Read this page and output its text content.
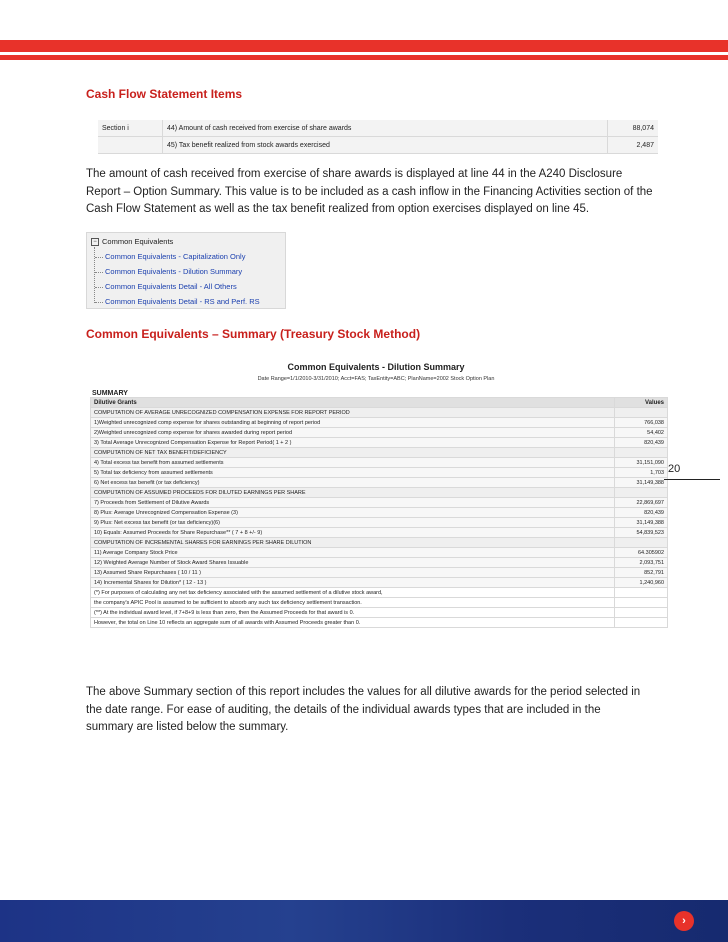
Cash Flow Statement Items
Section i	44) Amount of cash received from exercise of share awards	88,074
	45) Tax benefit realized from stock awards exercised	2,487
The amount of cash received from exercise of share awards is displayed at line 44 in the A240 Disclosure Report – Option Summary. This value is to be included as a cash inflow in the Financing Activities section of the Cash Flow Statement as well as the tax benefit realized from option exercises displayed on line 45.
− Common Equivalents
Common Equivalents - Capitalization Only
Common Equivalents - Dilution Summary
Common Equivalents Detail - All Others
Common Equivalents Detail - RS and Perf. RS
Common Equivalents – Summary (Treasury Stock Method)
Common Equivalents - Dilution Summary
Date Range=1/1/2010-3/31/2010; Acct=FAS; TaxEntity=ABC; PlanName=2002 Stock Option Plan
SUMMARY
Dilutive Grants	Values
COMPUTATION OF AVERAGE UNRECOGNIZED COMPENSATION EXPENSE FOR REPORT PERIOD	
1)Weighted unrecognized comp expense for shares outstanding at beginning of report period	766,038
2)Weighted unrecognized comp expense for shares awarded during report period	54,402
3) Total Average Unrecognized Compensation Expense for Report Period( 1 + 2 )	820,439
COMPUTATION OF NET TAX BENEFIT/DEFICIENCY	
4) Total excess tax benefit from assumed settlements	31,151,090
5) Total tax deficiency from assumed settlements	1,703
6) Net excess tax benefit (or tax deficiency)	31,149,388
COMPUTATION OF ASSUMED PROCEEDS FOR DILUTED EARNINGS PER SHARE	
7) Proceeds from Settlement of Dilutive Awards	22,869,697
8) Plus: Average Unrecognized Compensation Expense (3)	820,439
9) Plus: Net excess tax benefit (or tax deficiency)(6)	31,149,388
10) Equals: Assumed Proceeds for Share Repurchase** ( 7 + 8 +/- 9)	54,839,523
COMPUTATION OF INCREMENTAL SHARES FOR EARNINGS PER SHARE DILUTION	
11) Average Company Stock Price	64.305902
12) Weighted Average Number of Stock Award Shares Issuable	2,093,751
13) Assumed Share Repurchases ( 10 / 11 )	852,791
14) Incremental Shares for Dilution* ( 12 - 13 )	1,240,960
(*) For purposes of calculating any net tax deficiency associated with the assumed settlement of a dilutive stock award,	
the company's APIC Pool is assumed to be sufficient to absorb any such tax deficiency settlement transaction.	
(**) At the individual award level, if 7+8+9 is less than zero, then the Assumed Proceeds for that award is 0.	
However, the total on Line 10 reflects an aggregate sum of all awards with Assumed Proceeds greater than 0.	
20
The above Summary section of this report includes the values for all dilutive awards for the period selected in the date range. For ease of auditing, the details of the individual awards types that are included in the summary are listed below the summary.
›
